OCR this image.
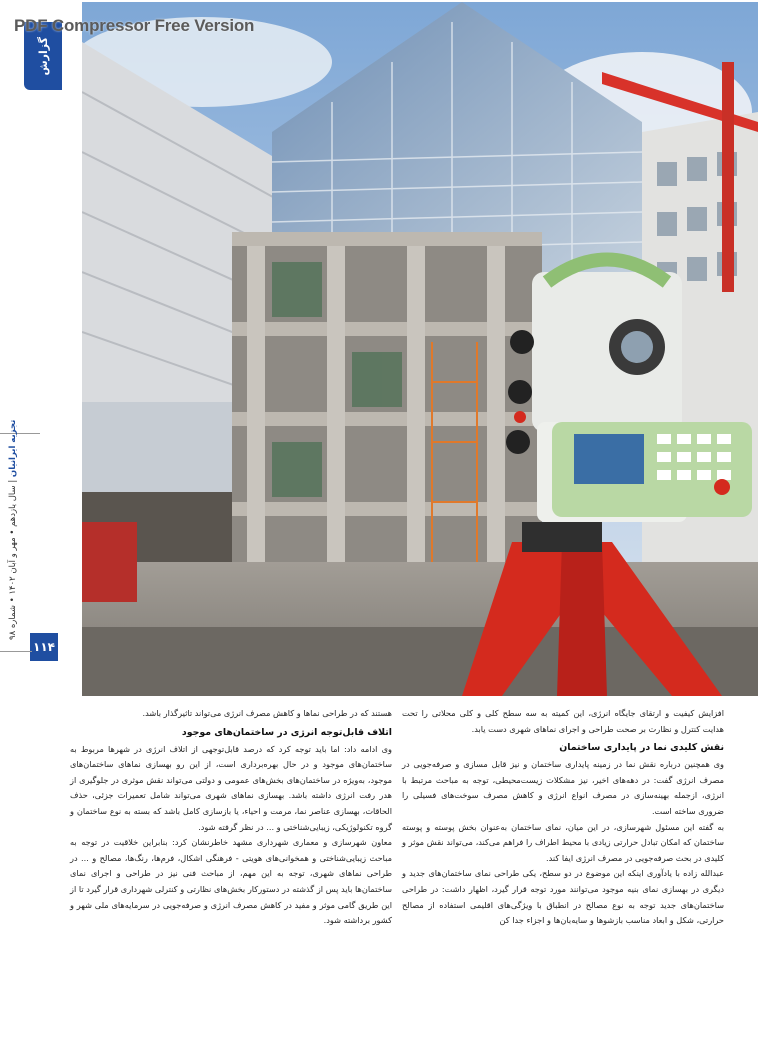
PDF Compressor Free Version
گزارش
تجزیه ایرانیان | سال یازدهم • مهر و آبان ۱۴۰۲ • شماره ۹۸
۱۱۴

افزایش کیفیت و ارتقای جایگاه انرژی، این کمیته به سه سطح کلی و کلی محلاتی را تحت هدایت کنترل و نظارت بر صحت طراحی و اجرای نماهای شهری دست یابد.

نقش کلیدی نما در پایداری ساختمان

وی همچنین درباره نقش نما در زمینه پایداری ساختمان و نیز قابل مسازی و صرفه‌جویی در مصرف انرژی گفت: در دهه‌های اخیر، نیز مشکلات زیست‌محیطی، توجه به مباحث مرتبط با انرژی، ازجمله بهینه‌سازی در مصرف انواع انرژی و کاهش مصرف سوخت‌های فسیلی را ضروری ساخته است.

به گفته این مسئول شهرسازی، در این میان، نمای ساختمان به‌عنوان بخش پوسته و پوسته ساختمان که امکان تبادل حرارتی زیادی با محیط اطراف را فراهم می‌کند، می‌تواند نقش موثر و کلیدی در بحث صرفه‌جویی در مصرف انرژی ایفا کند.

عبدالله زاده با یادآوری اینکه این موضوع در دو سطح، یکی طراحی نمای ساختمان‌های جدید و دیگری در بهسازی نمای بنیه موجود می‌توانند مورد توجه قرار گیرد، اظهار داشت: در طراحی ساختمان‌های جدید توجه به نوع مصالح در انطباق با ویژگی‌های اقلیمی استفاده از مصالح حرارتی، شکل و ابعاد مناسب بازشوها و سایه‌بان‌ها و اجزاء جدا کن

هستند که در طراحی نماها و کاهش مصرف انرژی می‌تواند تاثیرگذار باشد.

اتلاف قابل‌توجه انرژی در ساختمان‌های موجود

وی ادامه داد: اما باید توجه کرد که درصد قابل‌توجهی از اتلاف انرژی در شهرها مربوط به ساختمان‌های موجود و در حال بهره‌برداری است، از این رو بهسازی نماهای ساختمان‌های موجود، به‌ویژه در ساختمان‌های بخش‌های عمومی و دولتی می‌تواند نقش موثری در جلوگیری از هدر رفت انرژی داشته باشد. بهسازی نماهای شهری می‌تواند شامل تعمیرات جزئی، حذف الحاقات، بهسازی عناصر نما، مرمت و احیاء، یا بازسازی کامل باشد که بسته به نوع ساختمان و گروه تکنولوژیکی، زیبایی‌شناختی و ... در نظر گرفته شود.

معاون شهرسازی و معماری شهرداری مشهد خاطرنشان کرد: بنابراین خلاقیت در توجه به مباحث زیبایی‌شناختی و همخوانی‌های هویتی - فرهنگی اشکال، فرم‌ها، رنگ‌ها، مصالح و ... در طراحی نماهای شهری، توجه به این مهم، از مباحث فنی نیز در طراحی و اجرای نمای ساختمان‌ها باید پس از گذشته در دستورکار بخش‌های نظارتی و کنترلی شهرداری قرار گیرد تا از این طریق گامی موثر و مفید در کاهش مصرف انرژی و صرفه‌جویی در سرمایه‌های ملی شهر و کشور برداشته شود.
